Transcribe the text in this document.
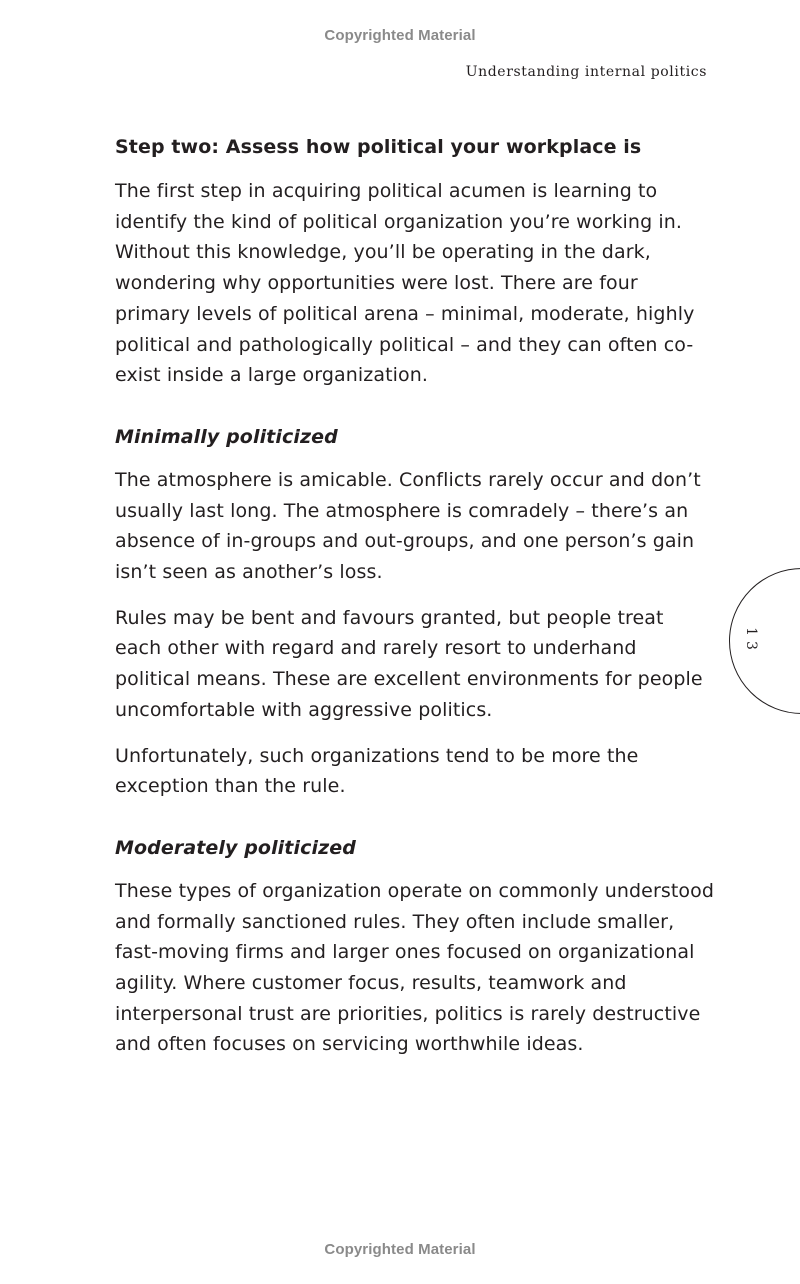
Copyrighted Material
Understanding internal politics
Step two: Assess how political your workplace is

The first step in acquiring political acumen is learning to identify the kind of political organization you’re working in. Without this knowledge, you’ll be operating in the dark, wondering why opportunities were lost. There are four primary levels of political arena – minimal, moderate, highly political and pathologically political – and they can often co-exist inside a large organization.

Minimally politicized

The atmosphere is amicable. Conflicts rarely occur and don’t usually last long. The atmosphere is comradely – there’s an absence of in-groups and out-groups, and one person’s gain isn’t seen as another’s loss.

Rules may be bent and favours granted, but people treat each other with regard and rarely resort to underhand political means. These are excellent environments for people uncomfortable with aggressive politics.

Unfortunately, such organizations tend to be more the exception than the rule.

Moderately politicized

These types of organization operate on commonly understood and formally sanctioned rules. They often include smaller, fast-moving firms and larger ones focused on organizational agility. Where customer focus, results, teamwork and interpersonal trust are priorities, politics is rarely destructive and often focuses on servicing worthwhile ideas.

13
Copyrighted Material
